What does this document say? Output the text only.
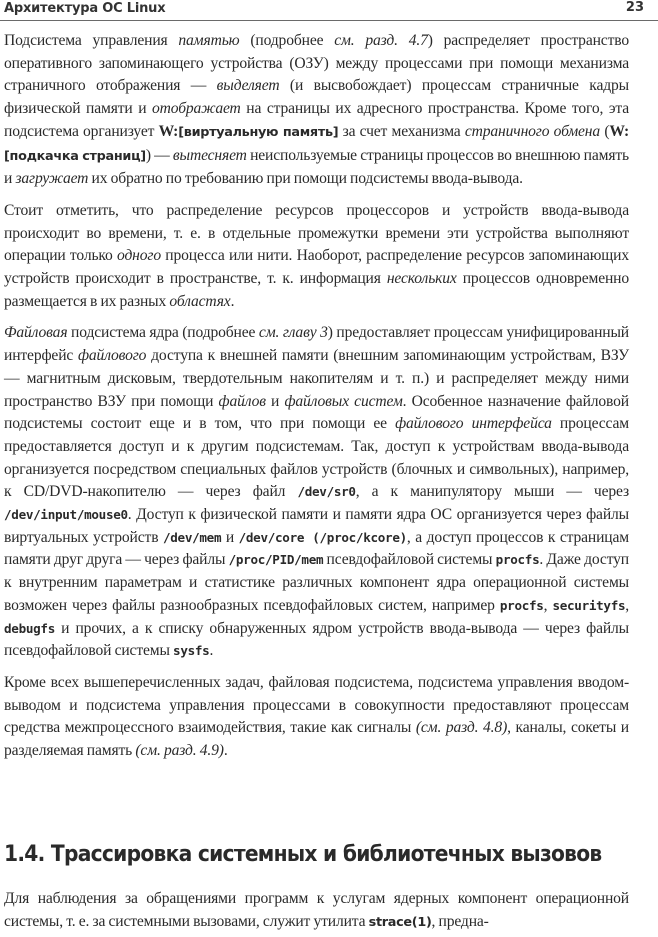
Архитектура ОС Linux	23

Подсистема управления памятью (подробнее см. разд. 4.7) распределяет пространство оперативного запоминающего устройства (ОЗУ) между процессами при помощи механизма страничного отображения — выделяет (и высвобождает) процессам страничные кадры физической памяти и отображает на страницы их адресного пространства. Кроме того, эта подсистема организует W:[виртуальную память] за счет механизма страничного обмена (W:[подкачка страниц]) — вытесняет неиспользуемые страницы процессов во внешнюю память и загружает их обратно по требованию при помощи подсистемы ввода-вывода.

Стоит отметить, что распределение ресурсов процессоров и устройств ввода-вывода происходит во времени, т. е. в отдельные промежутки времени эти устройства выполняют операции только одного процесса или нити. Наоборот, распределение ресурсов запоминающих устройств происходит в пространстве, т. к. информация нескольких процессов одновременно размещается в их разных областях.

Файловая подсистема ядра (подробнее см. главу 3) предоставляет процессам унифицированный интерфейс файлового доступа к внешней памяти (внешним запоминающим устройствам, ВЗУ — магнитным дисковым, твердотельным накопителям и т. п.) и распределяет между ними пространство ВЗУ при помощи файлов и файловых систем. Особенное назначение файловой подсистемы состоит еще и в том, что при помощи ее файлового интерфейса процессам предоставляется доступ и к другим подсистемам. Так, доступ к устройствам ввода-вывода организуется посредством специальных файлов устройств (блочных и символьных), например, к CD/DVD-накопителю — через файл /dev/sr0, а к манипулятору мыши — через /dev/input/mouse0. Доступ к физической памяти и памяти ядра ОС организуется через файлы виртуальных устройств /dev/mem и /dev/core (/proc/kcore), а доступ процессов к страницам памяти друг друга — через файлы /proc/PID/mem псевдофайловой системы procfs. Даже доступ к внутренним параметрам и статистике различных компонент ядра операционной системы возможен через файлы разнообразных псевдофайловых систем, например procfs, securityfs, debugfs и прочих, а к списку обнаруженных ядром устройств ввода-вывода — через файлы псевдофайловой системы sysfs.

Кроме всех вышеперечисленных задач, файловая подсистема, подсистема управления вводом-выводом и подсистема управления процессами в совокупности предоставляют процессам средства межпроцессного взаимодействия, такие как сигналы (см. разд. 4.8), каналы, сокеты и разделяемая память (см. разд. 4.9).

1.4. Трассировка системных и библиотечных вызовов

Для наблюдения за обращениями программ к услугам ядерных компонент операционной системы, т. е. за системными вызовами, служит утилита strace(1), предна-
